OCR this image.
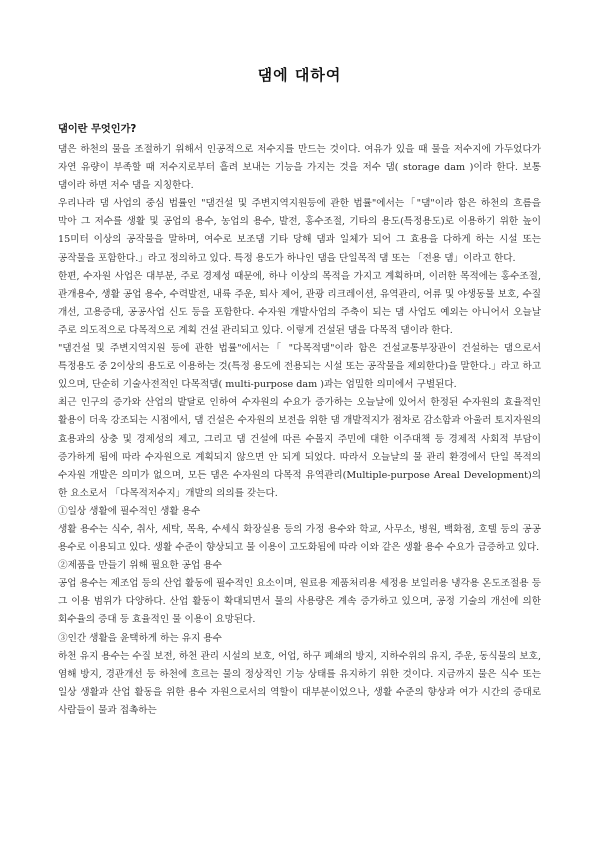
댐에 대하여
댐이란 무엇인가?

댐은 하천의 물을 조절하기 위해서 인공적으로 저수지를 만드는 것이다. 여유가 있을 때 물을 저수지에 가두었다가 자연 유량이 부족할 때 저수지로부터 흘려 보내는 기능을 가지는 것을 저수 댐( storage dam )이라 한다. 보통 댐이라 하면 저수 댐을 지칭한다.

우리나라 댐 사업의 중심 법률인 "댐건설 및 주변지역지원등에 관한 법률"에서는「"댐"이라 함은 하천의 흐름을 막아 그 저수를 생활 및 공업의 용수, 농업의 용수, 발전, 홍수조절, 기타의 용도(특정용도)로 이용하기 위한 높이 15미터 이상의 공작물을 말하며, 여수로 보조댐 기타 당해 댐과 일체가 되어 그 효용을 다하게 하는 시설 또는 공작물을 포함한다.」라고 정의하고 있다. 특정 용도가 하나인 댐을 단일목적 댐 또는 「전용 댐」이라고 한다.

한편, 수자원 사업은 대부분, 주로 경제성 때문에, 하나 이상의 목적을 가지고 계획하며, 이러한 목적에는 홍수조절, 관개용수, 생활 공업 용수, 수력발전, 내륙 주운, 퇴사 제어, 관광 리크레이션, 유역관리, 어류 및 야생동물 보호, 수질 개선, 고용증대, 공공사업 신도 등을 포함한다. 수자원 개발사업의 주축이 되는 댐 사업도 예외는 아니어서 오늘날 주로 의도적으로 다목적으로 계획 건설 관리되고 있다. 이렇게 건설된 댐을 다목적 댐이라 한다.

"댐건설 및 주변지역지원 등에 관한 법률"에서는「 "다목적댐"이라 함은 건설교통부장관이 건설하는 댐으로서 특정용도 중 2이상의 용도로 이용하는 것(특정 용도에 전용되는 시설 또는 공작물을 제외한다)을 말한다.」라고 하고 있으며, 단순히 기술사전적인 다목적댐( multi-purpose dam )과는 엄밀한 의미에서 구별된다.

최근 인구의 증가와 산업의 발달로 인하여 수자원의 수요가 증가하는 오늘날에 있어서 한정된 수자원의 효율적인 활용이 더욱 강조되는 시점에서, 댐 건설은 수자원의 보전을 위한 댐 개발적지가 점차로 감소함과 아울러 토지자원의 효용과의 상충 및 경제성의 제고, 그리고 댐 건설에 따른 수몰지 주민에 대한 이주대책 등 경제적 사회적 부담이 증가하게 됨에 따라 수자원으로 계획되지 않으면 안 되게 되었다. 따라서 오늘날의 물 관리 환경에서 단일 목적의 수자원 개발은 의미가 없으며, 모든 댐은 수자원의 다목적 유역관리(Multiple-purpose Areal Development)의 한 요소로서 「다목적저수지」개발의 의의를 갖는다.

①일상 생활에 필수적인 생활 용수

생활 용수는 식수, 취사, 세탁, 목욕, 수세식 화장실용 등의 가정 용수와 학교, 사무소, 병원, 백화점, 호텔 등의 공공 용수로 이용되고 있다. 생활 수준이 향상되고 물 이용이 고도화됨에 따라 이와 같은 생활 용수 수요가 급증하고 있다.

②제품을 만들기 위해 필요한 공업 용수

공업 용수는 제조업 등의 산업 활동에 필수적인 요소이며, 원료용 제품처리용 세정용 보일러용 냉각용 온도조절용 등 그 이용 범위가 다양하다. 산업 활동이 확대되면서 물의 사용량은 계속 증가하고 있으며, 공정 기술의 개선에 의한 회수율의 증대 등 효율적인 물 이용이 요망된다.

③인간 생활을 윤택하게 하는 유지 용수

하천 유지 용수는 수질 보전, 하천 관리 시설의 보호, 어업, 하구 폐쇄의 방지, 지하수위의 유지, 주운, 동식물의 보호, 염해 방지, 경관개선 등 하천에 흐르는 물의 정상적인 기능 상태를 유지하기 위한 것이다. 지금까지 물은 식수 또는 일상 생활과 산업 활동을 위한 용수 자원으로서의 역할이 대부분이었으나, 생활 수준의 향상과 여가 시간의 증대로 사람들이 물과 접촉하는
